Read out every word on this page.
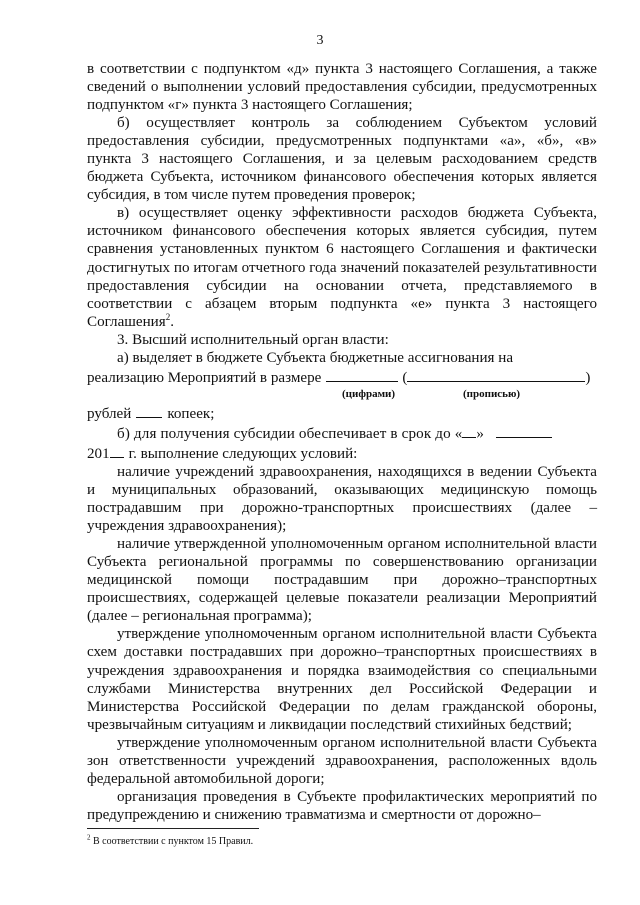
3

в соответствии с подпунктом «д» пункта 3 настоящего Соглашения, а также сведений о выполнении условий предоставления субсидии, предусмотренных подпунктом «г» пункта 3 настоящего Соглашения;

б) осуществляет контроль за соблюдением Субъектом условий предоставления субсидии, предусмотренных подпунктами «а», «б», «в» пункта 3 настоящего Соглашения, и за целевым расходованием средств бюджета Субъекта, источником финансового обеспечения которых является субсидия, в том числе путем проведения проверок;

в) осуществляет оценку эффективности расходов бюджета Субъекта, источником финансового обеспечения которых является субсидия, путем сравнения установленных пунктом 6 настоящего Соглашения и фактически достигнутых по итогам отчетного года значений показателей результативности предоставления субсидии на основании отчета, представляемого в соответствии с абзацем вторым подпункта «е» пункта 3 настоящего Соглашения$^2$.

3. Высший исполнительный орган власти:

а) выделяет в бюджете Субъекта бюджетные ассигнования на

реализацию Мероприятий в размере	(	)
(цифрами)	(прописью)
рублей копеек;
б) для получения субсидии обеспечивает в срок до « »
201 г. выполнение следующих условий:

наличие учреждений здравоохранения, находящихся в ведении Субъекта и муниципальных образований, оказывающих медицинскую помощь пострадавшим при дорожно-транспортных происшествиях (далее – учреждения здравоохранения);

наличие утвержденной уполномоченным органом исполнительной власти Субъекта региональной программы по совершенствованию организации медицинской помощи пострадавшим при дорожно–транспортных происшествиях, содержащей целевые показатели реализации Мероприятий (далее – региональная программа);

утверждение уполномоченным органом исполнительной власти Субъекта схем доставки пострадавших при дорожно–транспортных происшествиях в учреждения здравоохранения и порядка взаимодействия со специальными службами Министерства внутренних дел Российской Федерации и Министерства Российской Федерации по делам гражданской обороны, чрезвычайным ситуациям и ликвидации последствий стихийных бедствий;

утверждение уполномоченным органом исполнительной власти Субъекта зон ответственности учреждений здравоохранения, расположенных вдоль федеральной автомобильной дороги;

организация проведения в Субъекте профилактических мероприятий по предупреждению и снижению травматизма и смертности от дорожно–

$^2$ В соответствии с пунктом 15 Правил.
